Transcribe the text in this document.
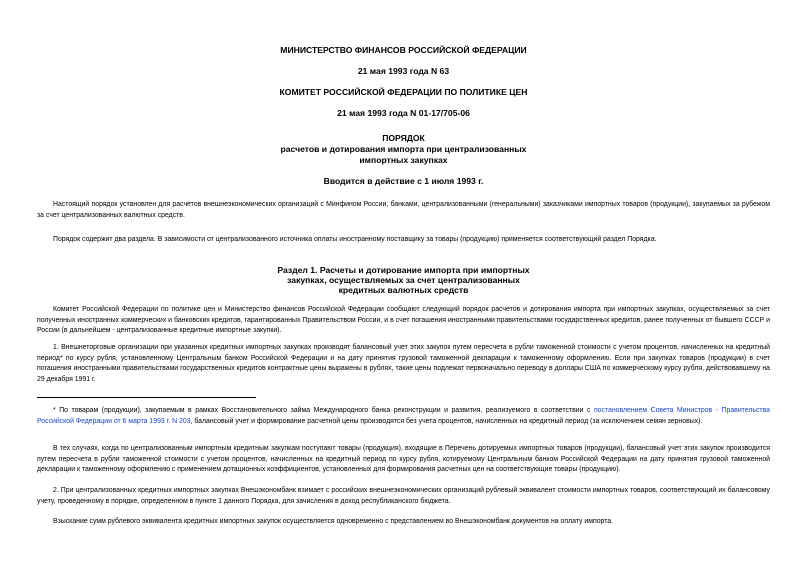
МИНИСТЕРСТВО ФИНАНСОВ РОССИЙСКОЙ ФЕДЕРАЦИИ
21 мая 1993 года N 63
КОМИТЕТ РОССИЙСКОЙ ФЕДЕРАЦИИ ПО ПОЛИТИКЕ ЦЕН
21 мая 1993 года N 01-17/705-06
ПОРЯДОК
расчетов и дотирования импорта при централизованных
импортных закупках
Вводится в действие с 1 июля 1993 г.
Настоящий порядок установлен для расчетов внешнеэкономических организаций с Минфином России, банками, централизованными (генеральными) заказчиками импортных товаров (продукции), закупаемых за рубежом за счет централизованных валютных средств.
Порядок содержит два раздела. В зависимости от централизованного источника оплаты иностранному поставщику за товары (продукцию) применяется соответствующий раздел Порядка.
Раздел 1. Расчеты и дотирование импорта при импортных
закупках, осуществляемых за счет централизованных
кредитных валютных средств
Комитет Российской Федерации по политике цен и Министерство финансов Российской Федерации сообщают следующий порядок расчетов и дотирования импорта при импортных закупках, осуществляемых за счет полученных иностранных коммерческих и банковских кредитов, гарантированных Правительством России, и в счет погашения иностранными правительствами государственных кредитов, ранее полученных от бывшего СССР и России (в дальнейшем - централизованные кредитные импортные закупки).
1. Внешнеторговые организации при указанных кредитных импортных закупках производят балансовый учет этих закупок путем пересчета в рубли таможенной стоимости с учетом процентов, начисленных на кредитный период* по курсу рубля, установленному Центральным банком Российской Федерации и на дату принятия грузовой таможенной декларации к таможенному оформлению. Если при закупках товаров (продукции) в счет погашения иностранными правительствами государственных кредитов контрактные цены выражены в рублях, такие цены подлежат первоначально переводу в доллары США по коммерческому курсу рубля, действовавшему на 29 декабря 1991 г.
* По товарам (продукции), закупаемым в рамках Восстановительного займа Международного банка реконструкции и развития, реализуемого в соответствии с постановлением Совета Министров - Правительства Российской Федерации от 6 марта 1993 г. N 203, балансовый учет и формирование расчетной цены производятся без учета процентов, начисленных на кредитный период (за исключением семян зерновых).
В тех случаях, когда по централизованным импортным кредитным закупкам поступают товары (продукция), входящие в Перечень дотируемых импортных товаров (продукции), балансовый учет этих закупок производится путем пересчета в рубли таможенной стоимости с учетом процентов, начисленных на кредитный период по курсу рубля, котируемому Центральным банком Российской Федерации на дату принятия грузовой таможенной декларации к таможенному оформлению с применением дотационных коэффициентов, установленных для формирования расчетных цен на соответствующие товары (продукцию).
2. При централизованных кредитных импортных закупках Внешэкономбанк взимает с российских внешнеэкономических организаций рублевый эквивалент стоимости импортных товаров, соответствующий их балансовому учету, проведенному в порядке, определенном в пункте 1 данного Порядка, для зачисления в доход республиканского бюджета.
Взыскание сумм рублевого эквивалента кредитных импортных закупок осуществляется одновременно с представлением во Внешэкономбанк документов на оплату импорта.
